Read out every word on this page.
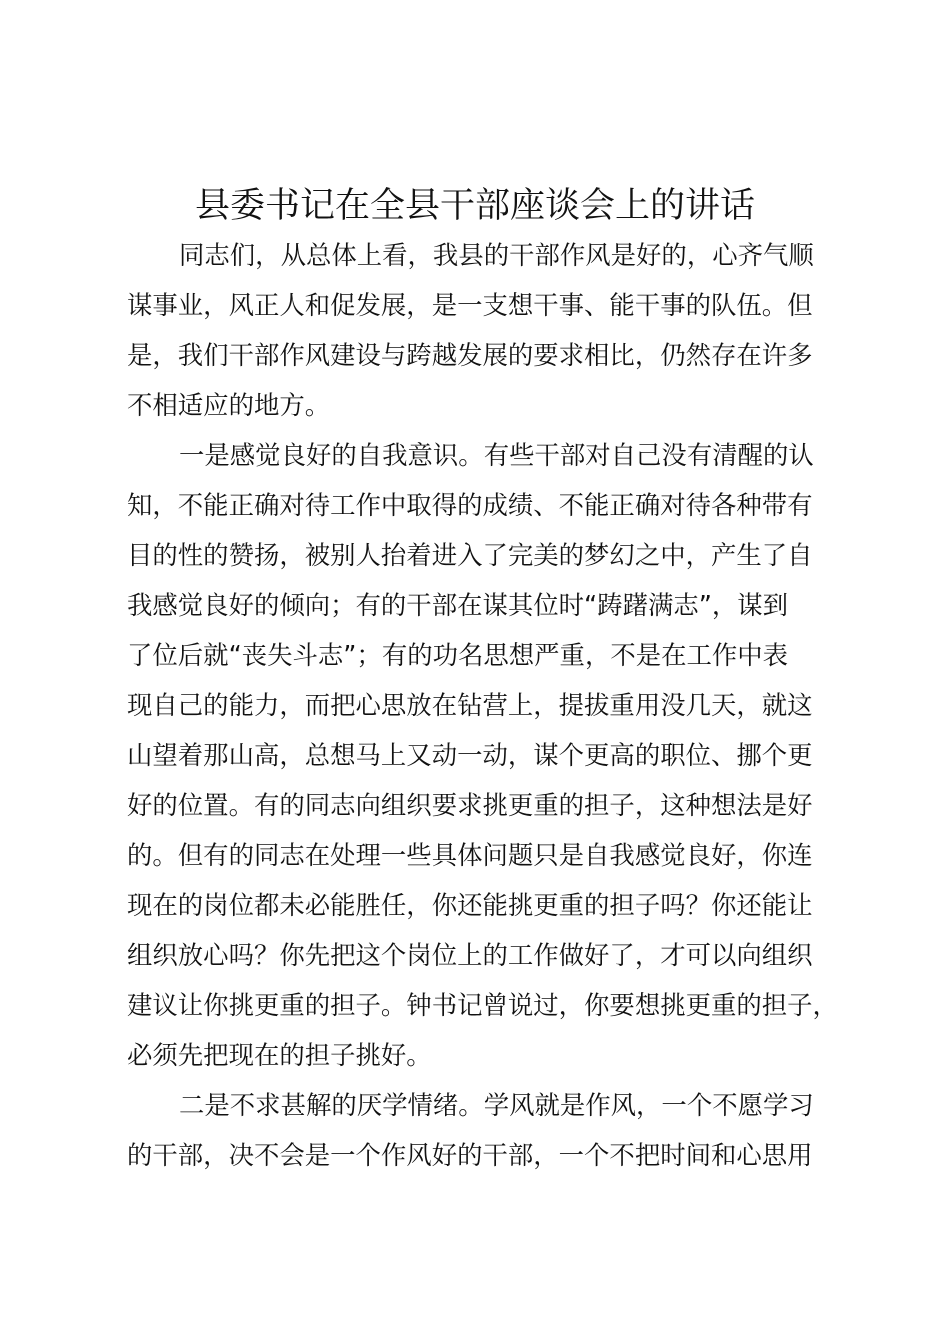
县委书记在全县干部座谈会上的讲话
同志们，从总体上看，我县的干部作风是好的，心齐气顺
谋事业，风正人和促发展，是一支想干事、能干事的队伍。但
是，我们干部作风建设与跨越发展的要求相比，仍然存在许多
不相适应的地方。
一是感觉良好的自我意识。有些干部对自己没有清醒的认
知，不能正确对待工作中取得的成绩、不能正确对待各种带有
目的性的赞扬，被别人抬着进入了完美的梦幻之中，产生了自
我感觉良好的倾向；有的干部在谋其位时“踌躇满志”，谋到
了位后就“丧失斗志”；有的功名思想严重，不是在工作中表
现自己的能力，而把心思放在钻营上，提拔重用没几天，就这
山望着那山高，总想马上又动一动，谋个更高的职位、挪个更
好的位置。有的同志向组织要求挑更重的担子，这种想法是好
的。但有的同志在处理一些具体问题只是自我感觉良好，你连
现在的岗位都未必能胜任，你还能挑更重的担子吗？你还能让
组织放心吗？你先把这个岗位上的工作做好了，才可以向组织
建议让你挑更重的担子。钟书记曾说过，你要想挑更重的担子，
必须先把现在的担子挑好。
二是不求甚解的厌学情绪。学风就是作风，一个不愿学习
的干部，决不会是一个作风好的干部，一个不把时间和心思用
